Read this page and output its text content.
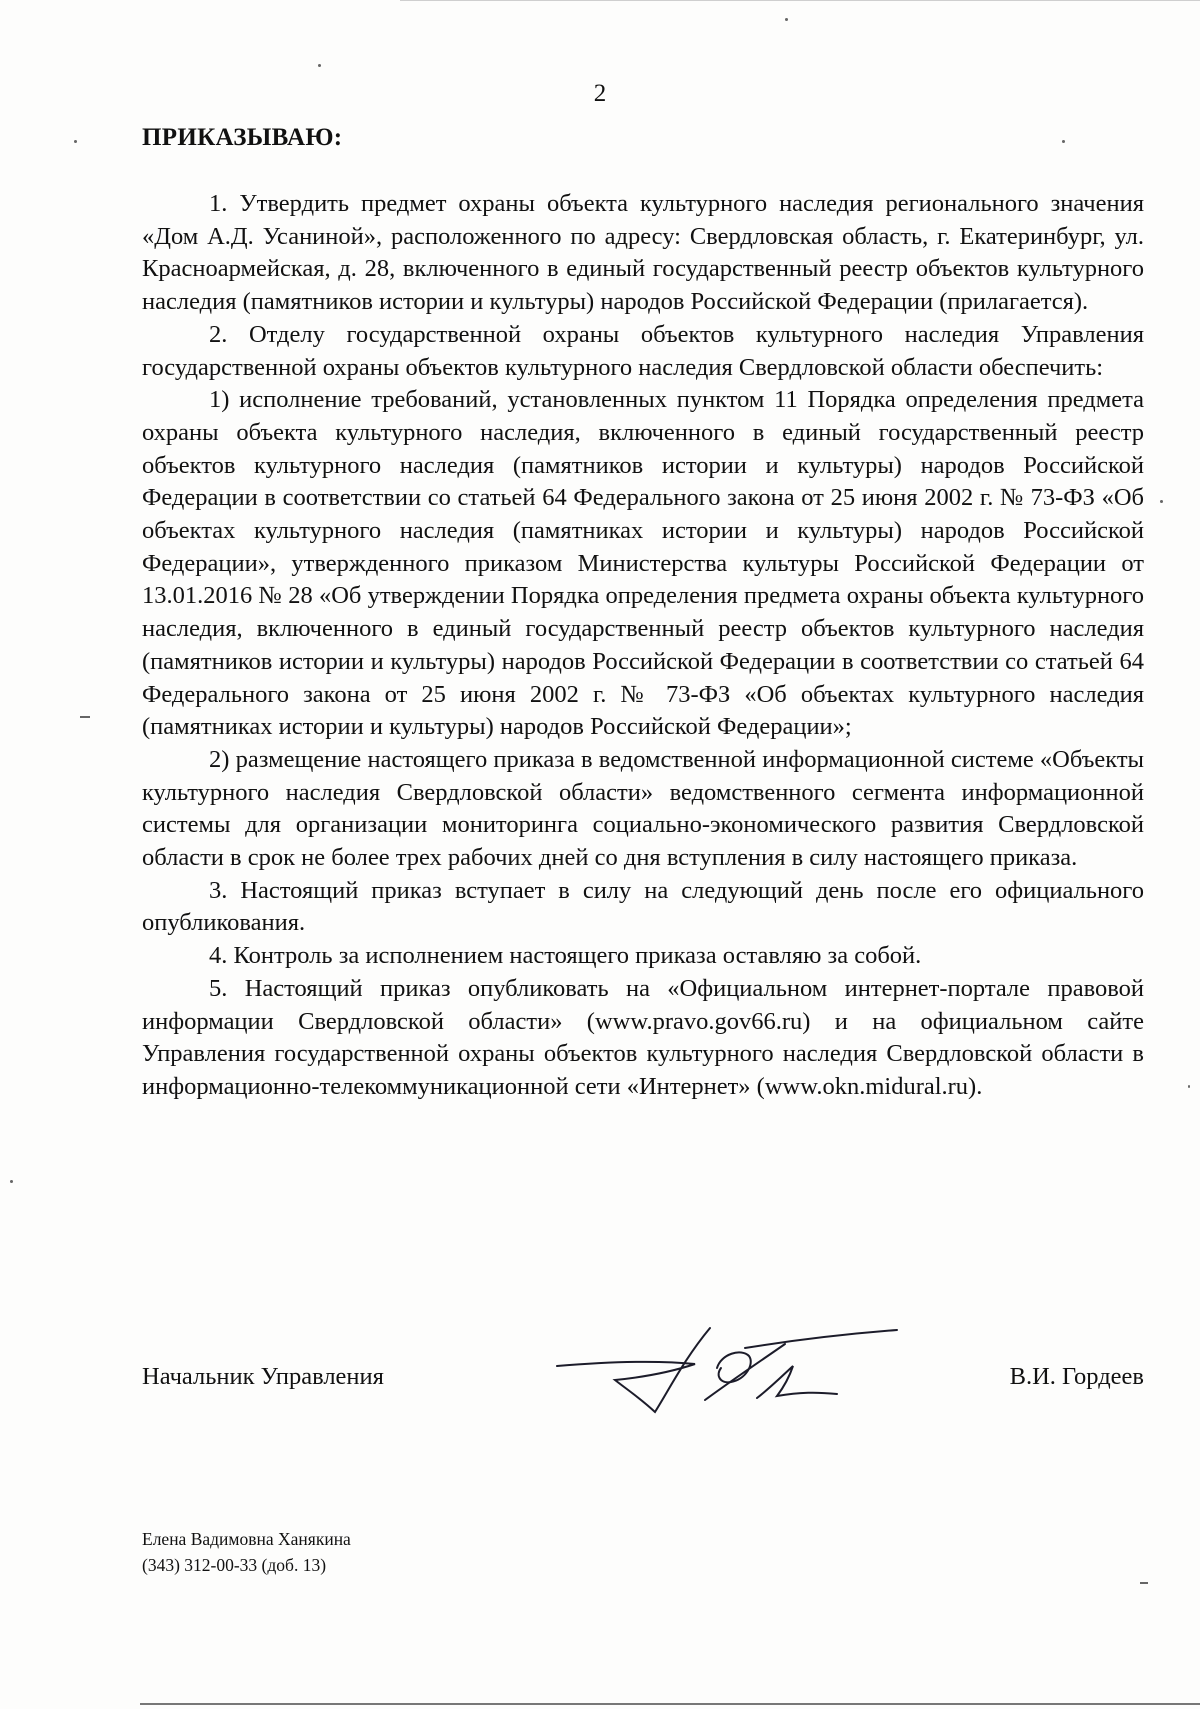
2
ПРИКАЗЫВАЮ:

1. Утвердить предмет охраны объекта культурного наследия регионального значения «Дом А.Д. Усаниной», расположенного по адресу: Свердловская область, г. Екатеринбург, ул. Красноармейская, д. 28, включенного в единый государственный реестр объектов культурного наследия (памятников истории и культуры) народов Российской Федерации (прилагается).

2. Отделу государственной охраны объектов культурного наследия Управления государственной охраны объектов культурного наследия Свердловской области обеспечить:

1) исполнение требований, установленных пунктом 11 Порядка определения предмета охраны объекта культурного наследия, включенного в единый государственный реестр объектов культурного наследия (памятников истории и культуры) народов Российской Федерации в соответствии со статьей 64 Федерального закона от 25 июня 2002 г. № 73-ФЗ «Об объектах культурного наследия (памятниках истории и культуры) народов Российской Федерации», утвержденного приказом Министерства культуры Российской Федерации от 13.01.2016 № 28 «Об утверждении Порядка определения предмета охраны объекта культурного наследия, включенного в единый государственный реестр объектов культурного наследия (памятников истории и культуры) народов Российской Федерации в соответствии со статьей 64 Федерального закона от 25 июня 2002 г. № 73-ФЗ «Об объектах культурного наследия (памятниках истории и культуры) народов Российской Федерации»;

2) размещение настоящего приказа в ведомственной информационной системе «Объекты культурного наследия Свердловской области» ведомственного сегмента информационной системы для организации мониторинга социально-экономического развития Свердловской области в срок не более трех рабочих дней со дня вступления в силу настоящего приказа.

3. Настоящий приказ вступает в силу на следующий день после его официального опубликования.

4. Контроль за исполнением настоящего приказа оставляю за собой.

5. Настоящий приказ опубликовать на «Официальном интернет-портале правовой информации Свердловской области» (www.pravo.gov66.ru) и на официальном сайте Управления государственной охраны объектов культурного наследия Свердловской области в информационно-телекоммуникационной сети «Интернет» (www.okn.midural.ru).

Начальник Управления	В.И. Гордеев
Елена Вадимовна Ханякина
(343) 312-00-33 (доб. 13)
